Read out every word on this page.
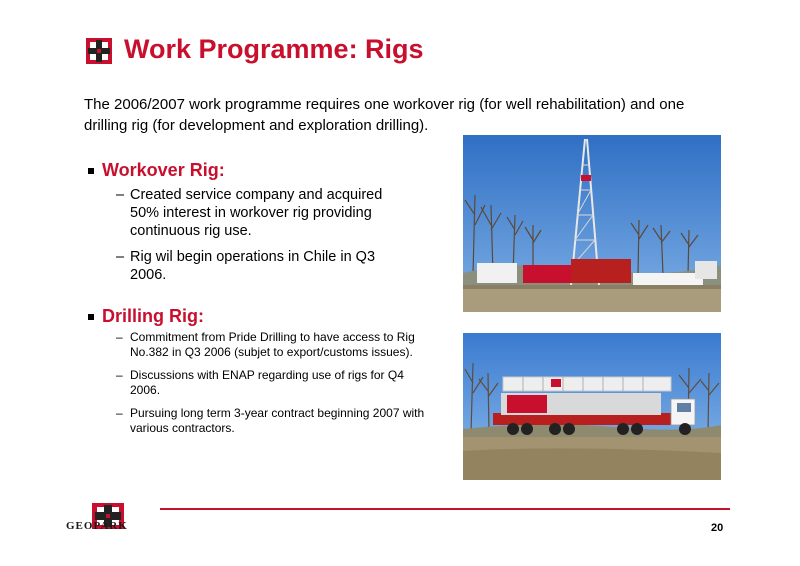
Work Programme: Rigs
The 2006/2007 work programme requires one workover rig (for well rehabilitation) and one drilling rig (for development and exploration drilling).
Workover Rig:
– Created service company and acquired 50% interest in workover rig providing continuous rig use.
– Rig wil begin operations in Chile in Q3 2006.
Drilling Rig:
– Commitment from Pride Drilling to have access to Rig No.382 in Q3 2006 (subjet to export/customs issues).
– Discussions with ENAP regarding use of rigs for Q4 2006.
– Pursuing long term 3-year contract beginning 2007 with various contractors.
GEOPARK	20
